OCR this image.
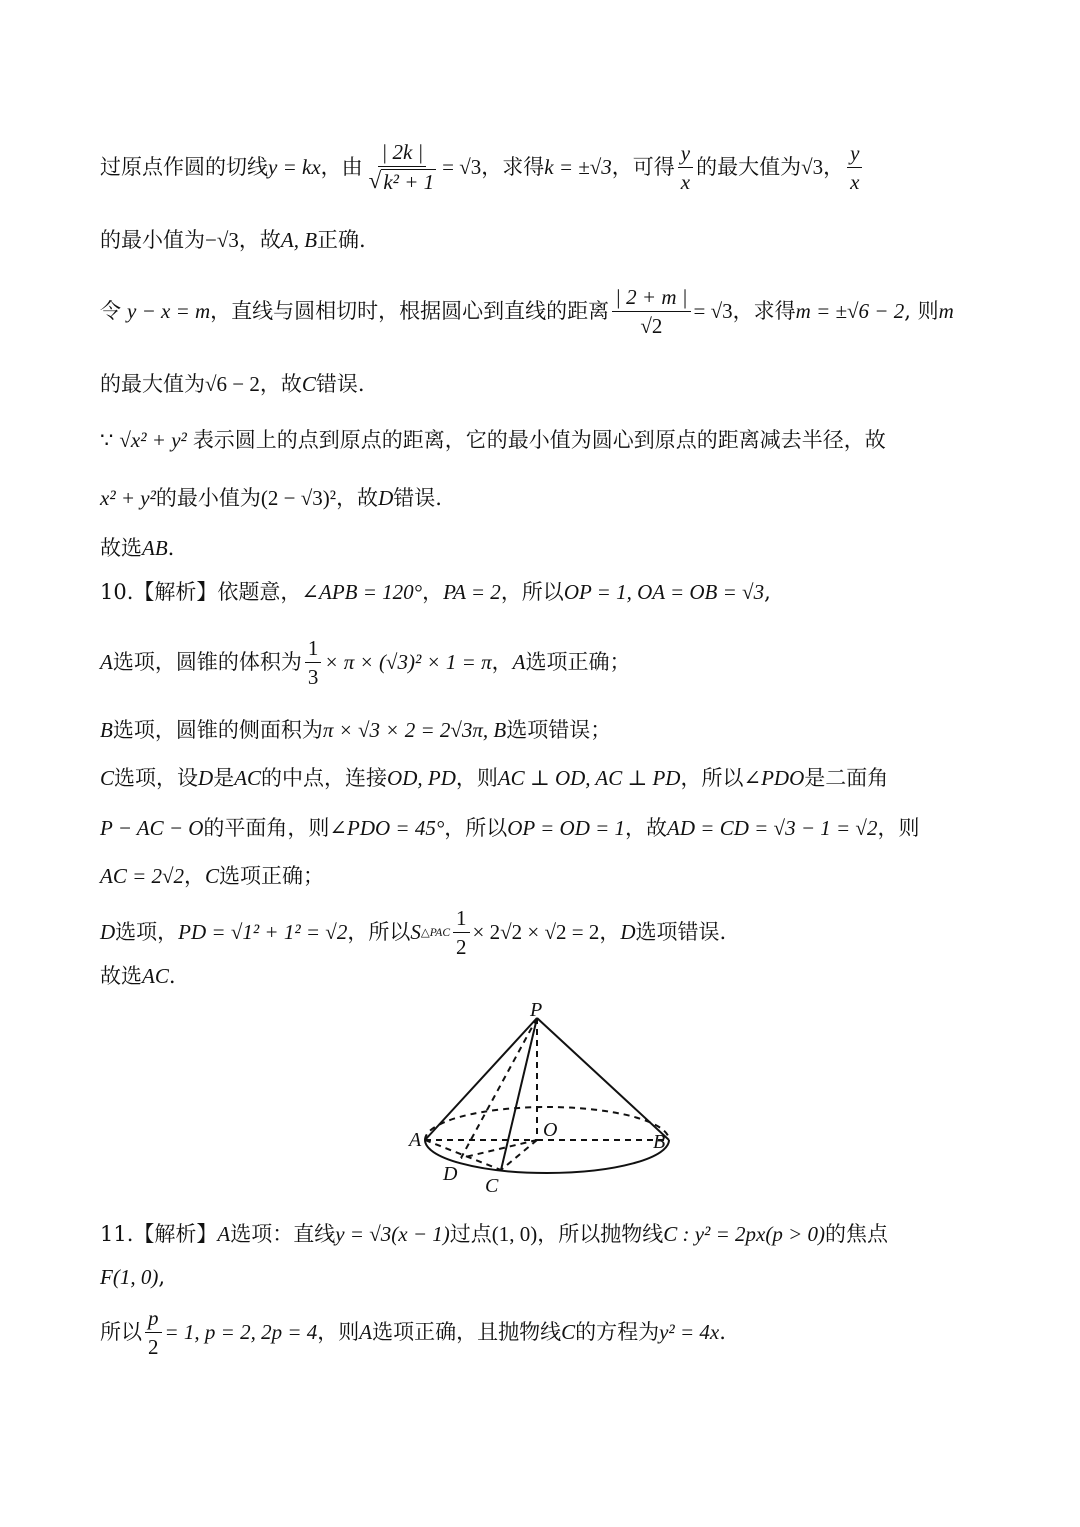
过原点作圆的切线 y = kx ，由 $\frac{| 2k |}{\text{√ k² + 1}} = √3$ ，求得 k = ±√3 ，可得 $\frac{y}{x}$ 的最大值为 √3 ， $\frac{y}{x}$
的最小值为 −√3 ，故 A, B 正确.
令 y − x = m ，直线与圆相切时，根据圆心到直线的距离 $\frac{| 2 + m |}{√2} = √3$ ，求得 m = ±√6 − 2 , 则 m
的最大值为 √6 − 2 ，故 C 错误.
∵ √x² + y² 表示圆上的点到原点的距离，它的最小值为圆心到原点的距离减去半径，故
x² + y² 的最小值为 (2 − √3)² ，故 D 错误.
故选 AB .
10.【解析】依题意， ∠APB = 120° ， PA = 2 ，所以 OP = 1, OA = OB = √3 ,
A 选项，圆锥的体积为 $\frac{1}{3} \times \pi \times (√3)^2 \times 1 = \pi$ ， A 选项正确；
B 选项，圆锥的侧面积为 π × √3 × 2 = 2√3π, B 选项错误；
C 选项，设 D 是 AC 的中点，连接 OD, PD ，则 AC ⊥ OD, AC ⊥ PD ，所以 ∠PDO 是二面角
P − AC − O 的平面角，则 ∠PDO = 45° ，所以 OP = OD = 1 ，故 AD = CD = √3 − 1 = √2 ，则
AC = 2√2 ， C 选项正确；
D 选项， PD = √1² + 1² = √2 ，所以 S △PAC $\frac{1}{2} \times 2√2 \times √2 = 2$ ， D 选项错误.
故选 AC .
P
A	O
B
D
C
11.【解析】 A 选项：直线 y = √3(x − 1) 过点 (1, 0) ，所以抛物线 C : y² = 2px(p > 0) 的焦点
F(1, 0) ,
所以 $\frac{p}{2} = 1$, p = 2, 2p = 4 ，则 A 选项正确，且抛物线 C 的方程为 y² = 4x .
